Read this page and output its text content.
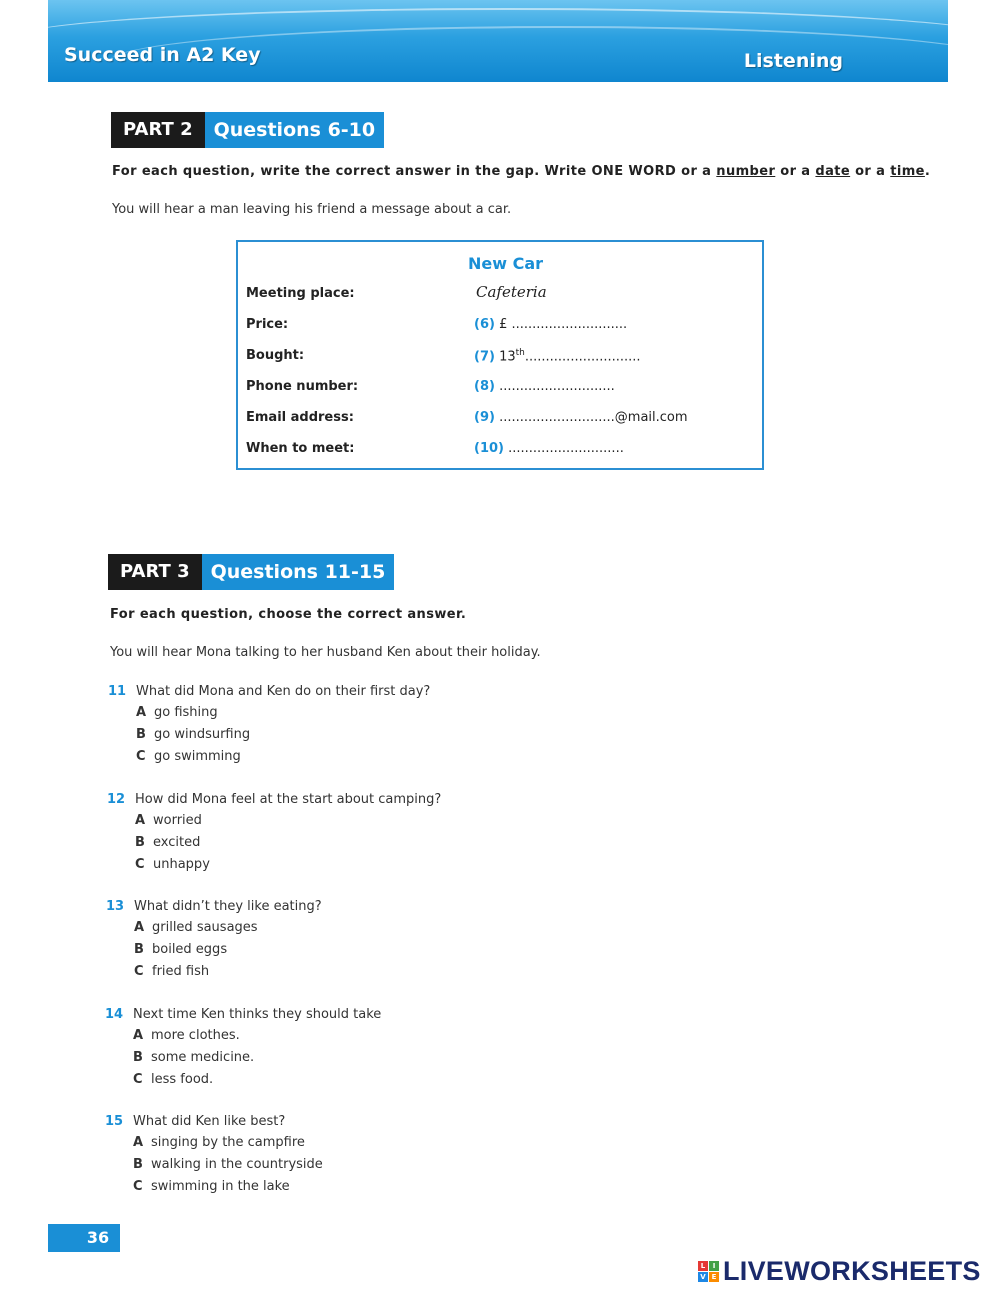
Succeed in A2 Key	Listening
PART 2	Questions 6-10
For each question, write the correct answer in the gap. Write ONE WORD or a number or a date or a time.
You will hear a man leaving his friend a message about a car.
New Car
Meeting place:	Cafeteria
Price:	(6) £ ............................
Bought:	(7) 13th............................
Phone number:	(8) ............................
Email address:	(9) ............................@mail.com
When to meet:	(10) ............................
PART 3	Questions 11-15
For each question, choose the correct answer.
You will hear Mona talking to her husband Ken about their holiday.
11 What did Mona and Ken do on their first day?
A go fishing
B go windsurfing
C go swimming
12 How did Mona feel at the start about camping?
A worried
B excited
C unhappy
13 What didn’t they like eating?
A grilled sausages
B boiled eggs
C fried fish
14 Next time Ken thinks they should take
A more clothes.
B some medicine.
C less food.
15 What did Ken like best?
A singing by the campfire
B walking in the countryside
C swimming in the lake
36
L	I
V E LIVEWORKSHEETS
